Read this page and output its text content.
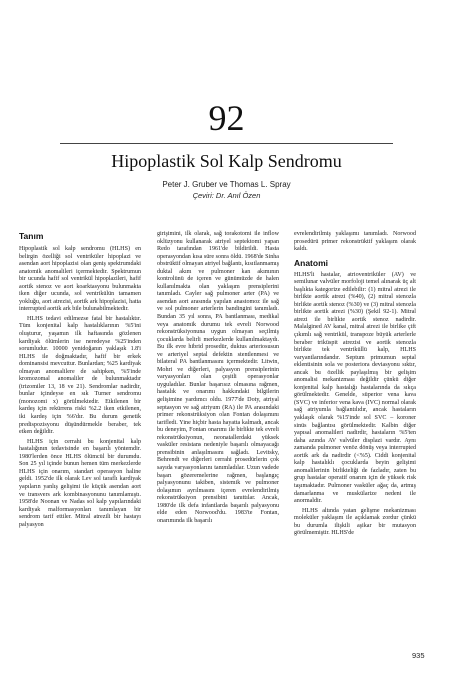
92
Hipoplastik Sol Kalp Sendromu
Peter J. Gruber ve Thomas L. Spray
Çeviri: Dr. Anıl Özen
Tanım

Hipoplastik sol kalp sendromu (HLHS) en belirgin özelliği sol ventriküler hipoplazi ve asendan aort hipoplazisi olan geniş spektrumdaki anatomik anomalileri içermektedir. Spektrumun bir ucunda hafif sol ventrikül hipoplazileri, hafif aortik stenoz ve aort koarktasyonu bulunmakta iken diğer ucunda, sol ventrikülün tamamen yokluğu, aort atrezisi, aortik ark hipoplazisi, hatta interrupted aortik ark bile bulunabilmektedir.

HLHS tedavi edilmezse fatal bir hastalıktır. Tüm konjenital kalp hastalıklarının %5'ini oluşturur, yaşamın ilk haftasında gözlenen kardiyak ölümlerin ise neredeyse %25'inden sorumludur. 10000 yenidoğanın yaklaşık 1.8'i HLHS ile doğmaktadır, hafif bir erkek dominansisi mevcuttur. Bunlardan; %25 kardiyak olmayan anomalilere de sahipken, %5'inde kromozomal anomaliler de bulunmaktadır (trizomiler 13, 18 ve 21). Sendromlar nadirdir, bunlar içindeyse en sık Turner sendromu (monozomi x) görülmektedir. Etkilenen bir kardeş için rekürrens riski %2.2 iken etkilenen, iki kardeş için %6'dır. Bu durum genetik predispozisyonu düşündürmekle beraber, tek etken değildir.

HLHS için cerrahi bu konjenital kalp hastalığının tedavisinde en başarılı yöntemdir. 1980'lerden önce HLHS ölümcül bir durumdu. Son 25 yıl içinde bunun hemen tüm merkezlerde HLHS için onarım, standart operasyon haline geldi. 1952'de ilk olarak Lev sol taraflı kardiyak yapıların yanlış gelişimi ile küçük asendan aort ve transvers ark kombinasyonunu tanımlamıştı. 1958'de Noonan ve Nadas sol kalp yapılarındaki kardiyak malformasyonları tanımlayan bir sendrom tarif ettiler. Mitral atrezili bir hastayı palyasyon

girişimini, ilk olarak, sağ torakotomi ile inflow oklüzyonu kullanarak atriyel septektomi yapan Redo tarafından 1961'de bildirildi. Hasta operasyondan kısa süre sonra öldü. 1968'de Sinha obstrüktif olmayan atriyel bağlantı, kısıtlanmamış duktal akım ve pulmoner kan akımının kontrolünü de içeren ve günümüzde de halen kullanılmakta olan yaklaşım prensiplerini tanımladı. Cayler sağ pulmoner arter (PA) ve asendan aort arasında yapılan anastomoz ile sağ ve sol pulmoner arterlerin bandingini tanımladı. Bundan 35 yıl sonra, PA bantlanması, medikal veya anatomik durumu tek evreli Norwood rekonstrüksiyonuna uygun olmayan seçilmiş çocuklarda belirli merkezlerde kullanılmaktaydı. Bu ilk evre hibrid prosedür, duktus arteriosusun ve arteriyel septal defektin stentlenmesi ve bilateral PA bantlanmasını içermektedir. Litwin, Mohri ve diğerleri, palyasyon prensiplerinin varyasyonları olan çeşitli operasyonlar uyguladılar. Bunlar başarısız olmasına rağmen, hastalık ve onarımı hakkındaki bilgilerin gelişimine yardımcı oldu. 1977'de Doty, atriyal septasyon ve sağ atriyum (RA) ile PA arasındaki primer rekonstrüksiyon olan Fontan dolaşımını tarifledi. Yine hiçbir hasta hayatta kalmadı, ancak bu deneyim, Fontan onarımı ile birlikte tek evreli rekonstrüksiyonun, neonatallerdaki yüksek vasküler resistans nedeniyle başarılı olmayacağı prensibinin anlaşılmasını sağladı. Levitsky, Behrendt ve diğerleri cerrahi prosedürlerin çok sayıda varyasyonlarını tanımladılar. Uzun vadede başarı gözeremelerine rağmen, başlangıç palyasyonunu takiben, sistemik ve pulmoner dolaşımın ayrılmasını içeren evrelendirilmiş rekonstrüksiyon prensibini tanıttılar. Ancak, 1980'de ilk defa infantlarda başarılı palyasyonu elde eden Norwood'du. 1983'te Fontan, onarımında ilk başarılı

evrelendirilmiş yaklaşımı tanımladı. Norwood prosedürü primer rekonstrüktif yaklaşım olarak kaldı.

Anatomi

HLHS'li hastalar, atrioventriküler (AV) ve semilunar valvüler morfoloji temel alınarak üç alt başlıkta kategorize edilebilir: (1) mitral atrezi ile birlikte aortik atrezi (%40), (2) mitral stenozla birlikte aortik stenoz (%30) ve (3) mitral stenozla birlikte aortik atrezi (%30) (Şekil 92-1). Mitral atrezi ile birlikte aortik stenoz nadirdir. Malalgined AV kanal, mitral atrezi ile birlike çift çıkımlı sağ ventrikül, transpoze büyük arterlerle beraber triküspit atrezisi ve aortik stenozla birlikte tek ventriküllü kalp, HLHS varyantlarındandır. Septum primumun septal eklentisinin sola ve posteriora deviasyonu sıktır, ancak bu özellik paylaşılmış bir gelişim anomalisi mekanizması değildir çünkü diğer konjenital kalp hastalığı hastalarında da sıkça görülmektedir. Genelde, süperior vena kava (SVC) ve inferior vena kava (IVC) normal olarak sağ atriyumla bağlantılıdır, ancak hastaların yaklaşık olarak %15'inde sol SVC – koroner sinüs bağlantısı görülmektedir. Kalbin diğer yapısal anomalileri nadirdir, hastaların %5'ten daha azında AV valvüler displazi vardır. Aynı zamanda pulmoner venöz dönüş veya interrupted aortik ark da nadirdir (<%5). Ciddi konjenital kalp hastalıklı çocuklarda beyin gelişimi anomalilerinin birlikteliği de fazladır, zaten bu grup hastalar operatif onarım için de yüksek risk taşımaktadır. Pulmoner vasküler ağaç da, artmış damarlanma ve muskülarize nedeni ile anormaldir.

HLHS altında yatan gelişme mekanizması moleküler yaklaşım ile açıklamak zordur çünkü bu durumla ilişkili aşikar bir mutasyon görülmemiştir. HLHS'de

935
